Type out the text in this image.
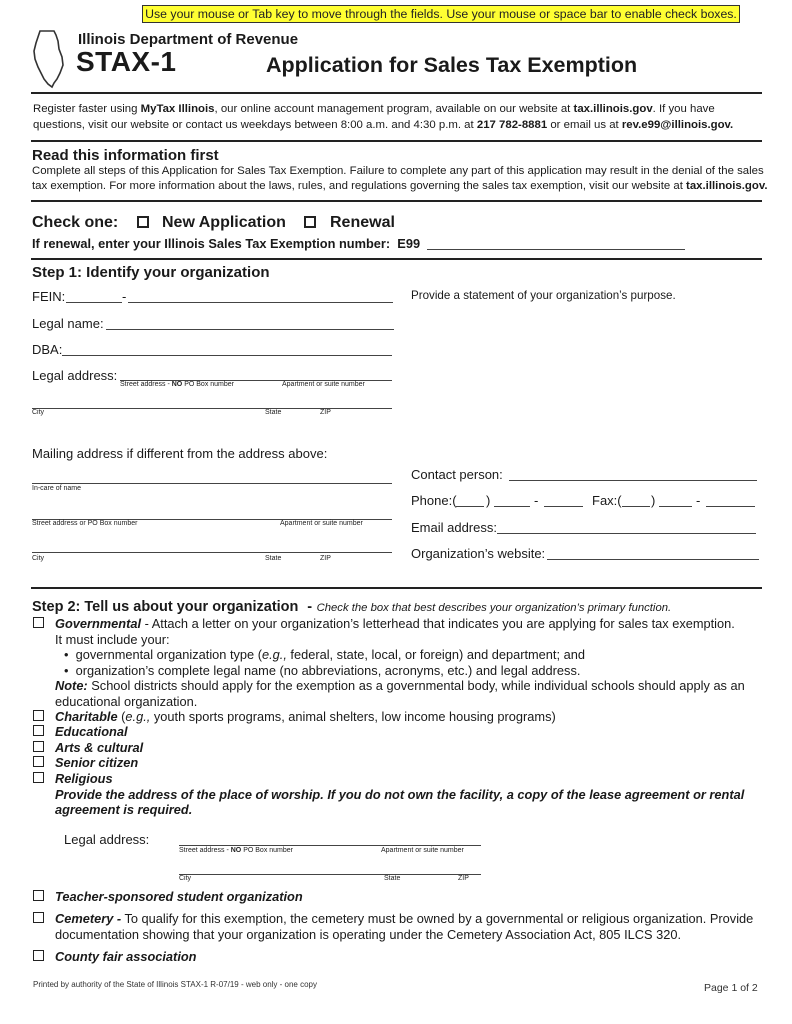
Use your mouse or Tab key to move through the fields. Use your mouse or space bar to enable check boxes.
Illinois Department of Revenue
STAX-1	Application for Sales Tax Exemption
Register faster using MyTax Illinois, our online account management program, available on our website at tax.illinois.gov. If you have
questions, visit our website or contact us weekdays between 8:00 a.m. and 4:30 p.m. at 217 782-8881 or email us at rev.e99@illinois.gov.
Read this information first
Complete all steps of this Application for Sales Tax Exemption. Failure to complete any part of this application may result in the denial of the sales
tax exemption. For more information about the laws, rules, and regulations governing the sales tax exemption, visit our website at tax.illinois.gov.
Check one:	New Application	Renewal
If renewal, enter your Illinois Sales Tax Exemption number: E99
Step 1: Identify your organization
FEIN:	-
Legal name:
DBA:
Legal address:
Street address - NO PO Box number	Apartment or suite number
City	State	ZIP
Mailing address if different from the address above:
In-care of name
Street address or PO Box number	Apartment or suite number
City	State	ZIP
Provide a statement of your organization’s purpose.
Contact person:
Phone:( )	-	Fax:( )	-
Email address:
Organization’s website:
Step 2: Tell us about your organization - Check the box that best describes your organization’s primary function.
Governmental - Attach a letter on your organization’s letterhead that indicates you are applying for sales tax exemption.
It must include your:
•  governmental organization type (e.g., federal, state, local, or foreign) and department; and
•  organization’s complete legal name (no abbreviations, acronyms, etc.) and legal address.
Note: School districts should apply for the exemption as a governmental body, while individual schools should apply as an
educational organization.
Charitable (e.g., youth sports programs, animal shelters, low income housing programs)
Educational
Arts & cultural
Senior citizen
Religious
Provide the address of the place of worship. If you do not own the facility, a copy of the lease agreement or rental
agreement is required.
Legal address:
Street address - NO PO Box number	Apartment or suite number
City	State	ZIP
Teacher-sponsored student organization
Cemetery - To qualify for this exemption, the cemetery must be owned by a governmental or religious organization. Provide
documentation showing that your organization is operating under the Cemetery Association Act, 805 ILCS 320.
County fair association
Printed by authority of the State of Illinois STAX-1 R-07/19 - web only - one copy	Page 1 of 2
